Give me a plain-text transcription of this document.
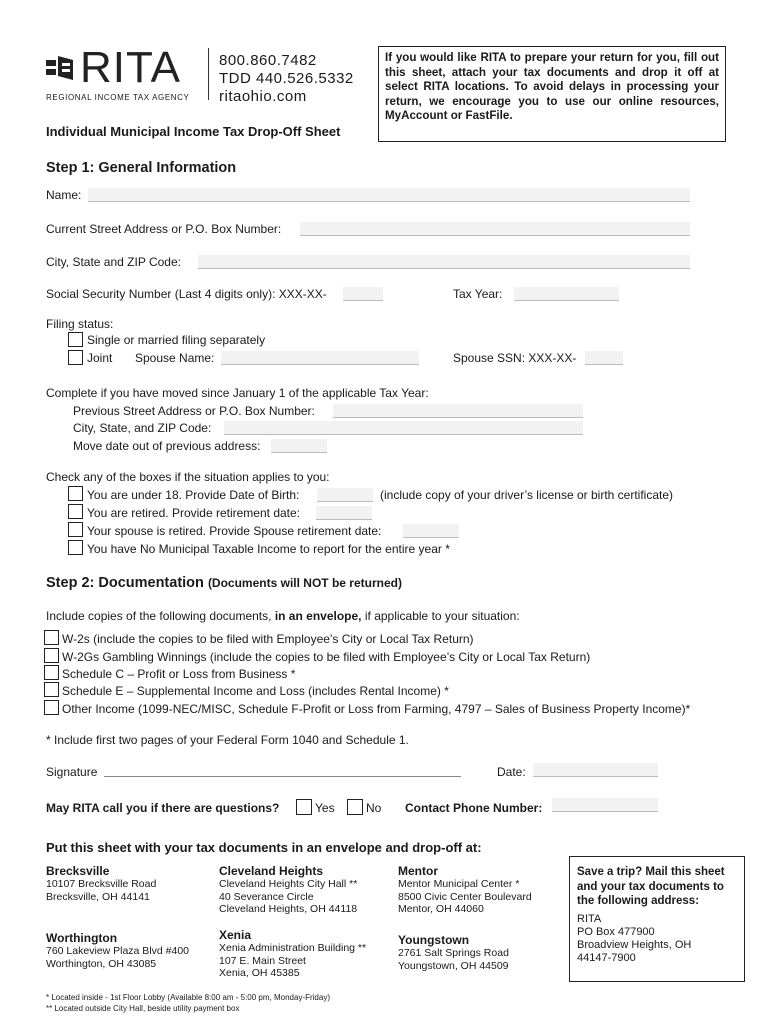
RITA
REGIONAL INCOME TAX AGENCY
800.860.7482
TDD 440.526.5332
ritaohio.com
If you would like RITA to prepare your return for you, fill out this sheet, attach your tax documents and drop it off at select RITA locations. To avoid delays in processing your return, we encourage you to use our online resources, MyAccount or FastFile.
Individual Municipal Income Tax Drop-Off Sheet
Step 1: General Information
Name:
Current Street Address or P.O. Box Number:
City, State and ZIP Code:
Social Security Number (Last 4 digits only): XXX-XX-	Tax Year:
Filing status:
Single or married filing separately
Joint Spouse Name:	Spouse SSN: XXX-XX-
Complete if you have moved since January 1 of the applicable Tax Year:
Previous Street Address or P.O. Box Number:
City, State, and ZIP Code:
Move date out of previous address:
Check any of the boxes if the situation applies to you:
You are under 18. Provide Date of Birth:	(include copy of your driver’s license or birth certificate)
You are retired. Provide retirement date:
Your spouse is retired. Provide Spouse retirement date:
You have No Municipal Taxable Income to report for the entire year *
Step 2: Documentation (Documents will NOT be returned)
Include copies of the following documents, in an envelope, if applicable to your situation:
W-2s (include the copies to be filed with Employee’s City or Local Tax Return)
W-2Gs Gambling Winnings (include the copies to be filed with Employee’s City or Local Tax Return)
Schedule C – Profit or Loss from Business *
Schedule E – Supplemental Income and Loss (includes Rental Income) *
Other Income (1099-NEC/MISC, Schedule F-Profit or Loss from Farming, 4797 – Sales of Business Property Income)*
* Include first two pages of your Federal Form 1040 and Schedule 1.
Signature	Date:
May RITA call you if there are questions?	Yes	No Contact Phone Number:
Put this sheet with your tax documents in an envelope and drop-off at:
Brecksville
10107 Brecksville Road
Brecksville, OH 44141
Cleveland Heights
Cleveland Heights City Hall **
40 Severance Circle
Cleveland Heights, OH 44118
Mentor
Mentor Municipal Center *
8500 Civic Center Boulevard
Mentor, OH 44060
Worthington
760 Lakeview Plaza Blvd #400
Worthington, OH 43085
Xenia
Xenia Administration Building **
107 E. Main Street
Xenia, OH 45385
Youngstown
2761 Salt Springs Road
Youngstown, OH 44509
Save a trip? Mail this sheet and your tax documents to the following address:
RITA
PO Box 477900
Broadview Heights, OH
44147-7900
* Located inside - 1st Floor Lobby (Available 8:00 am - 5:00 pm, Monday-Friday)
** Located outside City Hall, beside utility payment box
